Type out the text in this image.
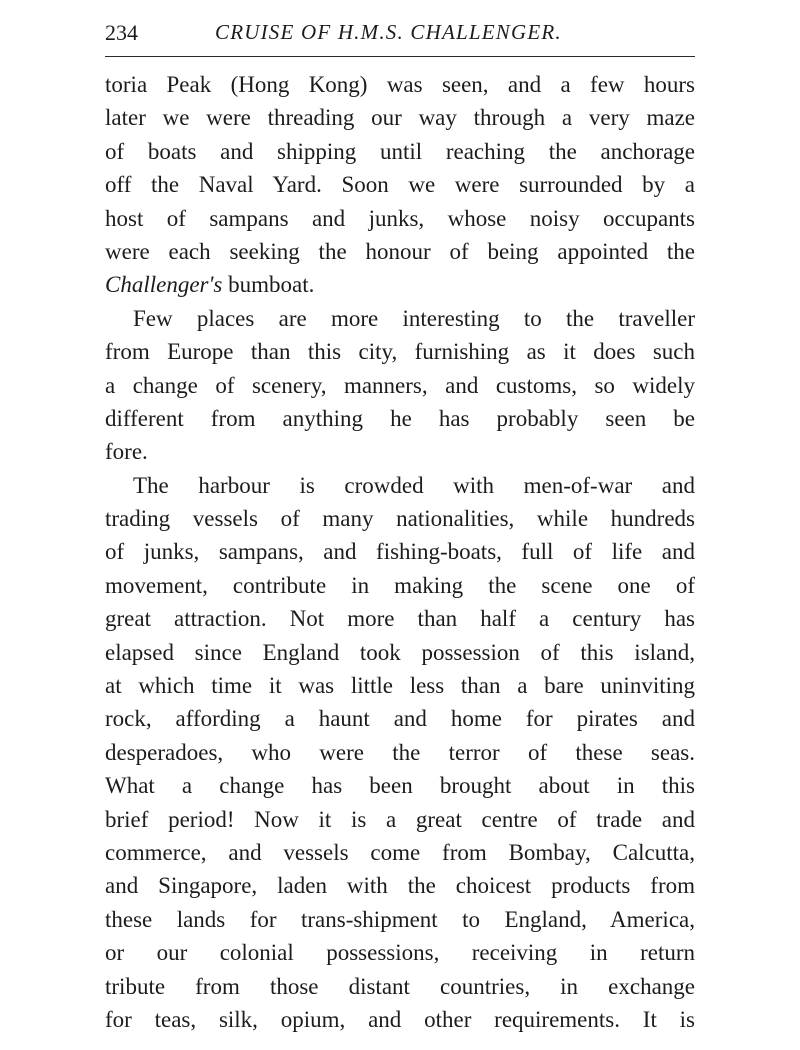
234	CRUISE OF H.M.S. CHALLENGER.
toria Peak (Hong Kong) was seen, and a few hours
later we were threading our way through a very maze
of boats and shipping until reaching the anchorage
off the Naval Yard. Soon we were surrounded by a
host of sampans and junks, whose noisy occupants
were each seeking the honour of being appointed the
Challenger's bumboat.
Few places are more interesting to the traveller
from Europe than this city, furnishing as it does such
a change of scenery, manners, and customs, so widely
different from anything he has probably seen be
fore.
The harbour is crowded with men-of-war and
trading vessels of many nationalities, while hundreds
of junks, sampans, and fishing-boats, full of life and
movement, contribute in making the scene one of
great attraction. Not more than half a century has
elapsed since England took possession of this island,
at which time it was little less than a bare uninviting
rock, affording a haunt and home for pirates and
desperadoes, who were the terror of these seas.
What a change has been brought about in this
brief period! Now it is a great centre of trade and
commerce, and vessels come from Bombay, Calcutta,
and Singapore, laden with the choicest products from
these lands for trans-shipment to England, America,
or our colonial possessions, receiving in return
tribute from those distant countries, in exchange
for teas, silk, opium, and other requirements. It is
